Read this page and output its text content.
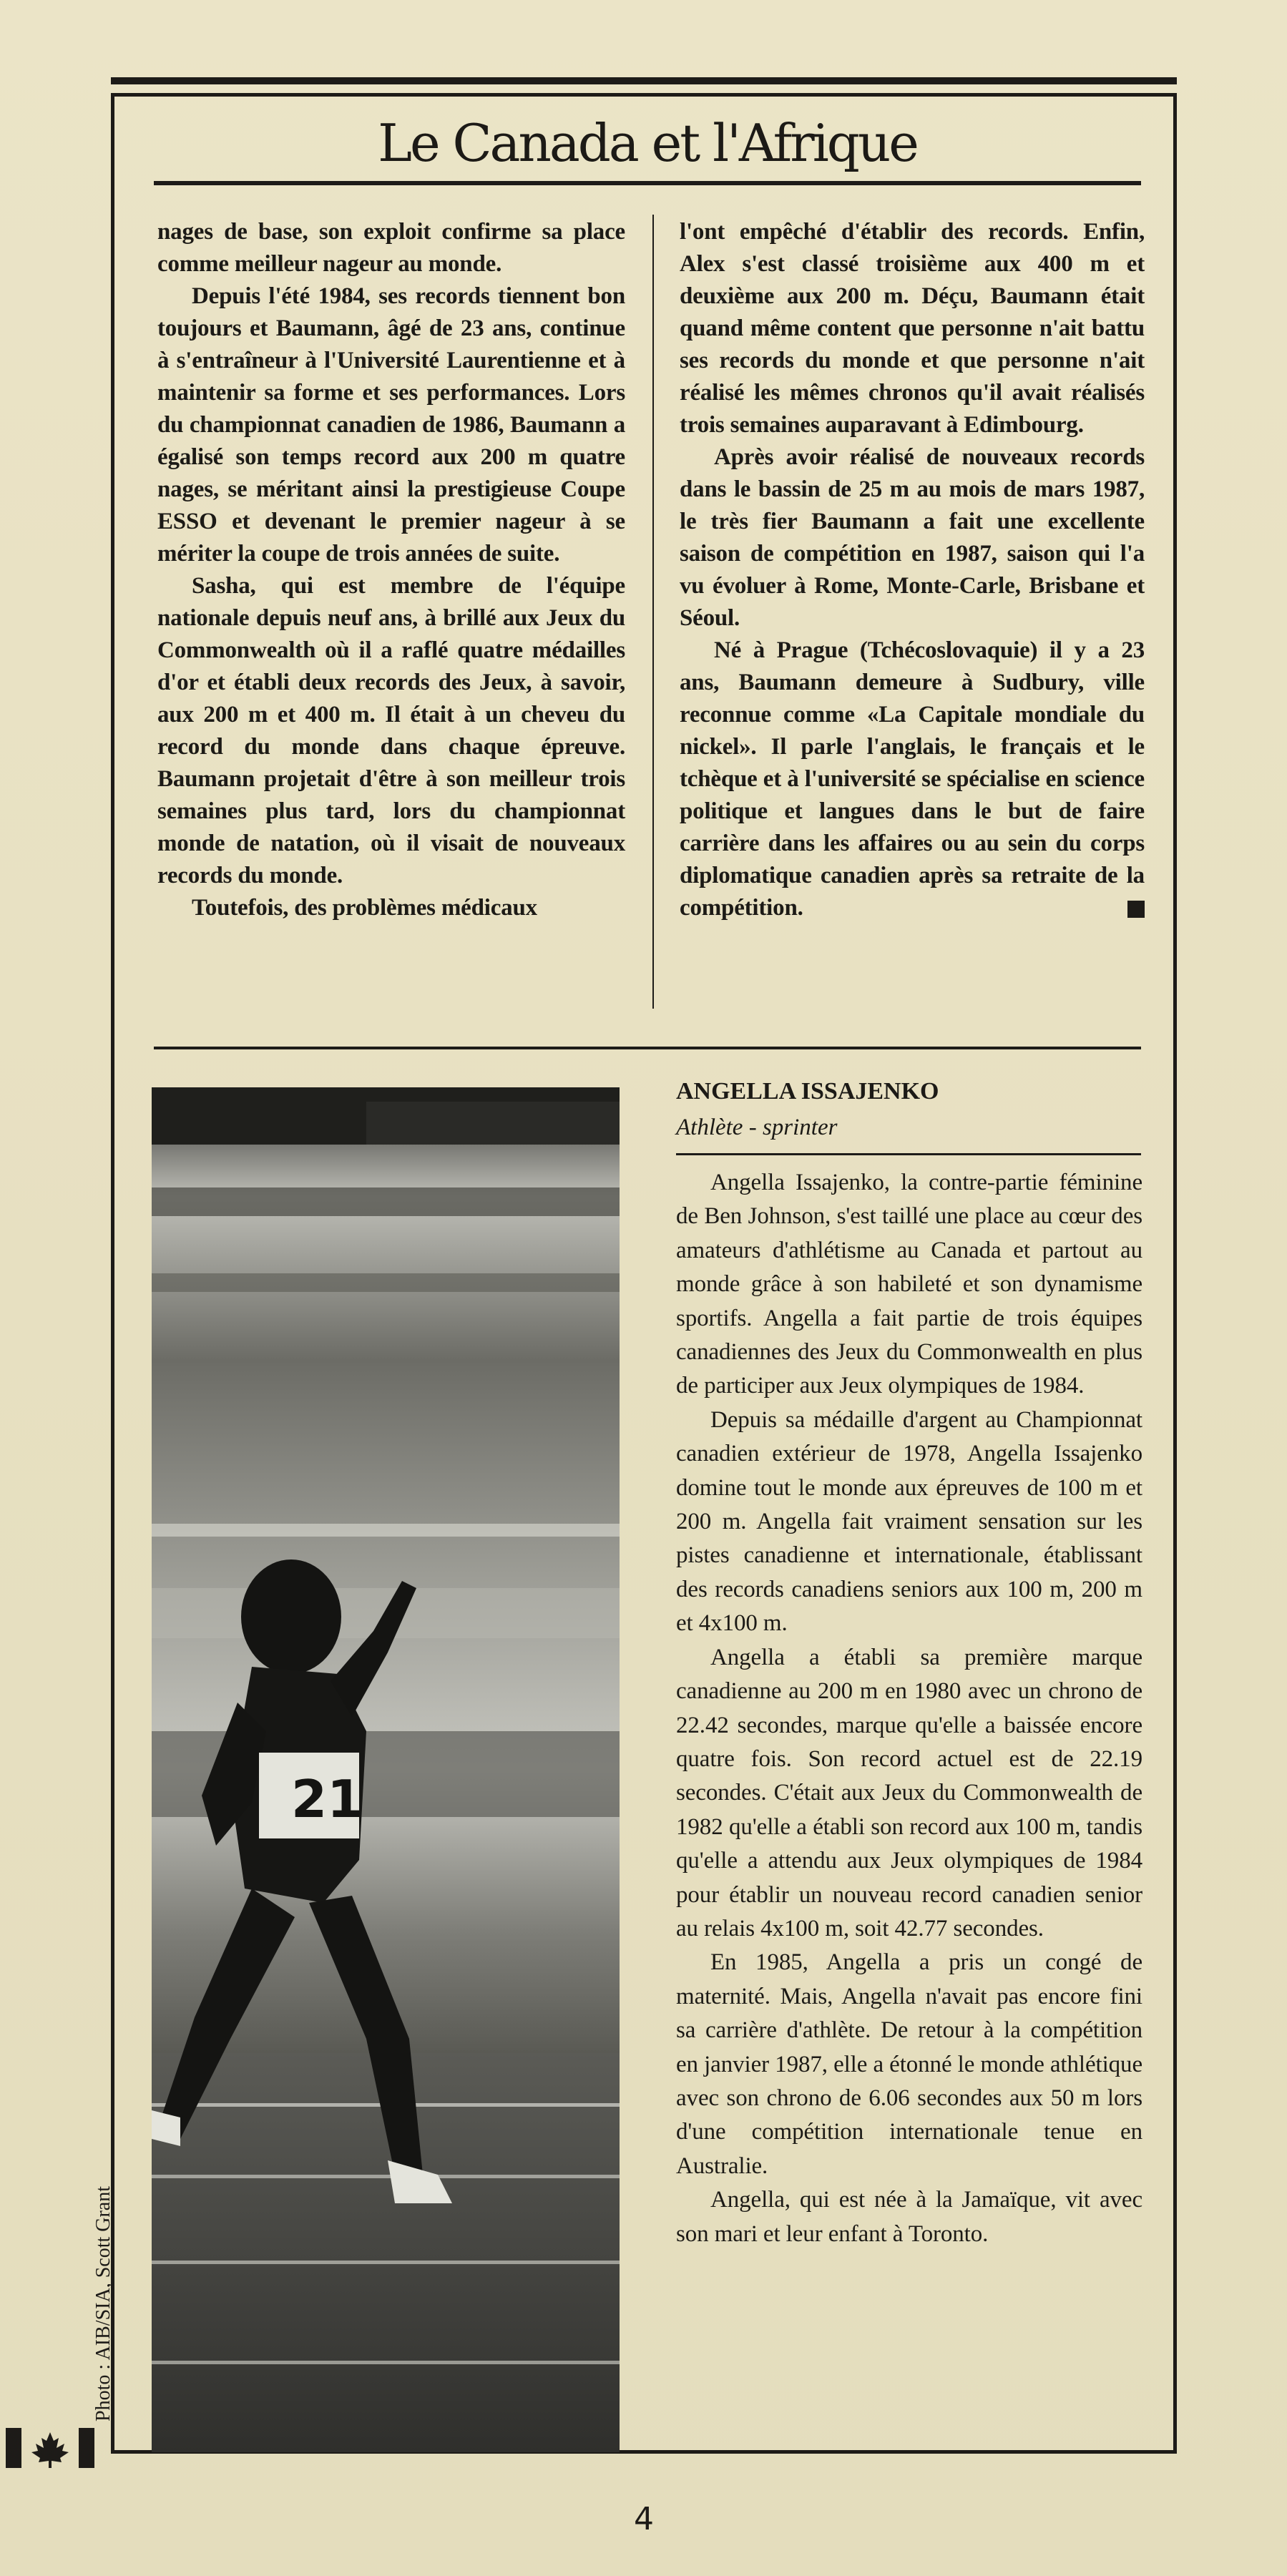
Le Canada et l'Afrique

nages de base, son exploit confirme sa place comme meilleur nageur au monde.

Depuis l'été 1984, ses records tiennent bon toujours et Baumann, âgé de 23 ans, continue à s'entraîneur à l'Université Laurentienne et à maintenir sa forme et ses performances. Lors du championnat canadien de 1986, Baumann a égalisé son temps record aux 200 m quatre nages, se méritant ainsi la prestigieuse Coupe ESSO et devenant le premier nageur à se mériter la coupe de trois années de suite.

Sasha, qui est membre de l'équipe nationale depuis neuf ans, à brillé aux Jeux du Commonwealth où il a raflé quatre médailles d'or et établi deux records des Jeux, à savoir, aux 200 m et 400 m. Il était à un cheveu du record du monde dans chaque épreuve. Baumann projetait d'être à son meilleur trois semaines plus tard, lors du championnat monde de natation, où il visait de nouveaux records du monde.

Toutefois, des problèmes médicaux

l'ont empêché d'établir des records. Enfin, Alex s'est classé troisième aux 400 m et deuxième aux 200 m. Déçu, Baumann était quand même content que personne n'ait battu ses records du monde et que personne n'ait réalisé les mêmes chronos qu'il avait réalisés trois semaines auparavant à Edimbourg.

Après avoir réalisé de nouveaux records dans le bassin de 25 m au mois de mars 1987, le très fier Baumann a fait une excellente saison de compétition en 1987, saison qui l'a vu évoluer à Rome, Monte-Carle, Brisbane et Séoul.

Né à Prague (Tchécoslovaquie) il y a 23 ans, Baumann demeure à Sudbury, ville reconnue comme «La Capitale mondiale du nickel». Il parle l'anglais, le français et le tchèque et à l'université se spécialise en science politique et langues dans le but de faire carrière dans les affaires ou au sein du corps diplomatique canadien après sa retraite de la compétition.

21
Photo : AIB/SIA, Scott Grant
ANGELLA ISSAJENKO

Athlète - sprinter

Angella Issajenko, la contre-partie féminine de Ben Johnson, s'est taillé une place au cœur des amateurs d'athlétisme au Canada et partout au monde grâce à son habileté et son dynamisme sportifs. Angella a fait partie de trois équipes canadiennes des Jeux du Commonwealth en plus de participer aux Jeux olympiques de 1984.

Depuis sa médaille d'argent au Championnat canadien extérieur de 1978, Angella Issajenko domine tout le monde aux épreuves de 100 m et 200 m. Angella fait vraiment sensation sur les pistes canadienne et internationale, établissant des records canadiens seniors aux 100 m, 200 m et 4x100 m.

Angella a établi sa première marque canadienne au 200 m en 1980 avec un chrono de 22.42 secondes, marque qu'elle a baissée encore quatre fois. Son record actuel est de 22.19 secondes. C'était aux Jeux du Commonwealth de 1982 qu'elle a établi son record aux 100 m, tandis qu'elle a attendu aux Jeux olympiques de 1984 pour établir un nouveau record canadien senior au relais 4x100 m, soit 42.77 secondes.

En 1985, Angella a pris un congé de maternité. Mais, Angella n'avait pas encore fini sa carrière d'athlète. De retour à la compétition en janvier 1987, elle a étonné le monde athlétique avec son chrono de 6.06 secondes aux 50 m lors d'une compétition internationale tenue en Australie.

Angella, qui est née à la Jamaïque, vit avec son mari et leur enfant à Toronto.

4
